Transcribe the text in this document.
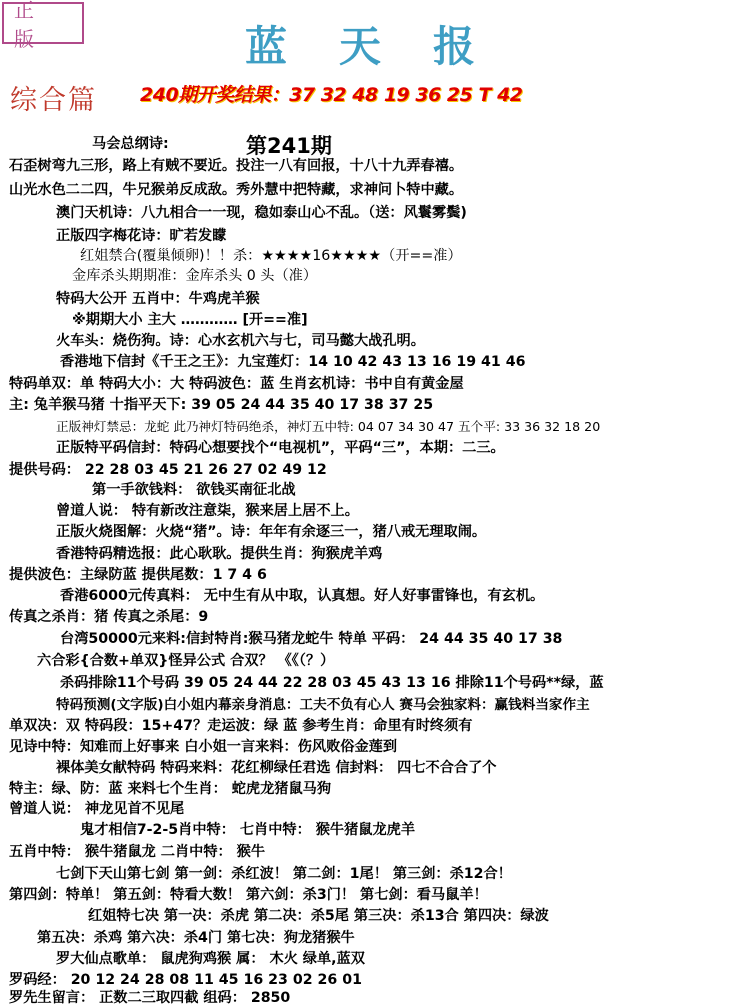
正 版	蓝天报
综合篇 240期开奖结果：37 32 48 19 36 25 T 42
第241期
马会总纲诗:
石歪树弯九三形，路上有贼不要近。投注一八有回报，十八十九弄春禧。
山光水色二二四，牛兄猴弟反成敌。秀外慧中把特藏，求神问卜特中藏。
澳门天机诗：八九相合一一现，稳如泰山心不乱。（送：风鬟雾鬓)
正版四字梅花诗：旷若发矇
红姐禁合(覆巢倾卵)！！杀：★★★★16★★★★（开==准）
金库杀头期期准：金库杀头 0 头（准）
特码大公开 五肖中：牛鸡虎羊猴
※期期大小 主大 ………… [开==准]
火车头：烧伤狗。诗：心水玄机六与七，司马懿大战孔明。
香港地下信封《千王之王》：九宝莲灯：14 10 42 43 13 16 19 41 46
特码单双：单 特码大小：大 特码波色：蓝 生肖玄机诗：书中自有黄金屋
主: 兔羊猴马猪 十指平天下: 39 05 24 44 35 40 17 38 37 25
正版神灯禁忌：龙蛇 此乃神灯特码绝杀，神灯五中特: 04 07 34 30 47 五个平: 33 36 32 18 20
正版特平码信封：特码心想要找个“电视机”，平码“三”，本期：二三。
提供号码： 22 28 03 45 21 26 27 02 49 12
第一手欲钱料： 欲钱买南征北战
曾道人说： 特有新改注意柒，猴来居上居不上。
正版火烧图解：火烧“猪”。诗：年年有余逐三一，猪八戒无理取闹。
香港特码精选报：此心耿耿。提供生肖：狗猴虎羊鸡
提供波色：主绿防蓝 提供尾数：1 7 4 6
香港6000元传真料： 无中生有从中取，认真想。好人好事雷锋也，有玄机。
传真之杀肖：猪 传真之杀尾：9
台湾50000元来料:信封特肖:猴马猪龙蛇牛 特单 平码： 24 44 35 40 17 38
六合彩{合数+单双}怪异公式 合双？ 《《（？）
杀码排除11个号码 39 05 24 44 22 28 03 45 43 13 16 排除11个号码**绿，蓝
特码预测(文字版)白小姐内幕亲身消息：工夫不负有心人 赛马会独家料：赢钱料当家作主
单双决：双 特码段：15+47？走运波：绿 蓝 参考生肖：命里有时终须有
见诗中特：知难而上好事来 白小姐一言来料：伤风败俗金莲到
裸体美女献特码 特码来料：花红柳绿任君选 信封料： 四七不合合了个
特主：绿、防：蓝 来料七个生肖： 蛇虎龙猪鼠马狗
曾道人说： 神龙见首不见尾
鬼才相信7-2-5肖中特： 七肖中特： 猴牛猪鼠龙虎羊
五肖中特： 猴牛猪鼠龙 二肖中特： 猴牛
七剑下天山第七剑 第一剑：杀红波！ 第二剑：1尾！ 第三剑：杀12合！
第四剑：特单！ 第五剑：特看大数！ 第六剑：杀3门！ 第七剑：看马鼠羊！
红姐特七决 第一决：杀虎 第二决：杀5尾 第三决：杀13合 第四决：绿波
第五决：杀鸡 第六决：杀4门 第七决：狗龙猪猴牛
罗大仙点歌单： 鼠虎狗鸡猴 属： 木火 绿单,蓝双
罗码经： 20 12 24 28 08 11 45 16 23 02 26 01
罗先生留言： 正数二三取四截 组码： 2850
